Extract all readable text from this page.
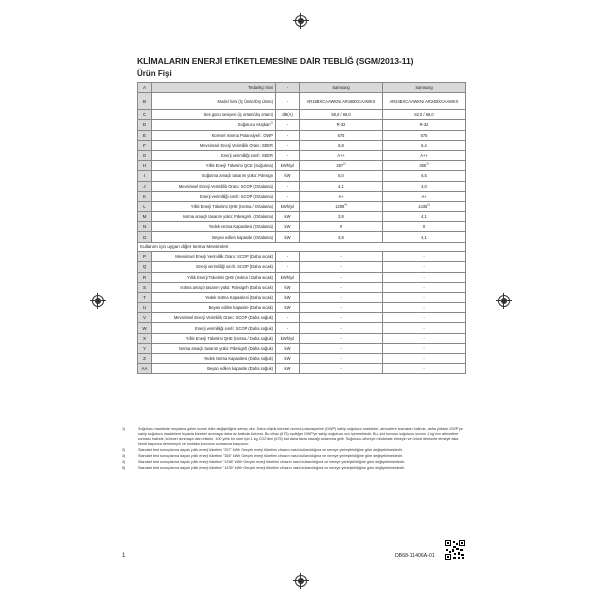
KLİMALARIN ENERJİ ETİKETLEMESİNE DAİR TEBLİĞ (SGM/2013-11)
Ürün Fişi
A	Tedarikçi İsmi	-	Samsung	Samsung
B	Model İsmi (İç Ünite/Dış Ünite)	-	AR18BXCAAWKN/ AR18BXCAAWKX	AR24BXCAAWKN/ AR24BXCAAWKX
C	Ses gücü seviyesi (iç ortam/dış ortam)	dB(A)	58,0 / 65,0	62,0 / 68,0
D	Soğutucu Akışkan$^{1)}$	-	R-32	R-32
E	Küresel Isınma Potansiyeli : GWP	-	675	675
F	Mevsimsel Enerji Verimlilik Oranı: SEER	-	6,8	6,4
G	Enerji verimliliği sınıfı: SEER	-	A++	A++
H	Yıllık Enerji Tüketimi QCE (Soğutma)	kWh/yıl	257$^{2)}$	355$^{3)}$
I	Soğutma amaçlı tasarım yükü: Pdesign	kW	5,0	6,5
J	Mevsimsel Enerji Verimlilik Oranı: SCOP (Ortalama)	-	4,1	4,0
K	Enerji verimliliği sınıfı: SCOP (Ortalama)	-	A+	A+
L	Yıllık Enerji Tüketimi QHE (Isıtma / Ortalama)	kWh/yıl	1298$^{4)}$	1435$^{5)}$
M	Isıtma amaçlı tasarım yükü: Pdesignh. (Ortalama)	kW	3,8	4,1
N	Yedek Isıtma Kapasitesi (Ortalama)	kW	0	0
O	Beyan edilen kapasite (Ortalama)	kW	3,8	4,1
Kullanım için uygun diğer Isıtma Mevsimleri				
P	Mevsimsel Enerji Verimlilik Oranı: SCOP (Daha sıcak)	-	-	-
Q	Enerji verimliliği sınıfı: SCOP (Daha sıcak)	-	-	-
R	Yıllık Enerji Tüketimi QHE (Isıtma / Daha sıcak)	kWh/yıl	-	-
S	Isıtma amaçlı tasarım yükü: Pdesignh (Daha sıcak)	kW	-	-
T	Yedek Isıtma Kapasitesi (Daha sıcak)	kW	-	-
U	Beyan edilen kapasite (Daha sıcak)	kW	-	-
V	Mevsimsel Enerji Verimlilik Oranı: SCOP (Daha soğuk)	-	-	-
W	Enerji verimliliği sınıfı: SCOP (Daha soğuk)	-	-	-
X	Yıllık Enerji Tüketimi QHE (Isıtma / Daha soğuk)	kWh/yıl	-	-
Y	Isıtma amaçlı tasarım yükü: Pdesignh (Daha soğuk)	kW	-	-
Z	Yedek Isıtma Kapasitesi (Daha soğuk)	kW	-	-
AA	Beyan edilen kapasite (Daha soğuk)	kW	-	-
1)	Soğutucu maddede meydana gelen sızıntı iklim değişikliğine sebep olur. Daha düşük küresel ısınma potansiyeline (GWP) sahip soğutucu maddeler, atmosfere sızmaları halinde, daha yüksek GWP'ye sahip soğutucu maddelere kıyasla küresel ısınmaya daha az katkıda bulunur. Bu cihaz (675) eşdeğer GWP'ye sahip soğutucu sıvı içermektedir. Bu, söz konusu soğutucu sıvının 1 kg'ının atmosfere sızması halinde, küresel ısınmaya olan etkinin, 100 yıllık bir süre için 1 kg CO2'den (675) kat daha fazla olacağı anlamına gelir. Soğutucu devreye müdahale etmeyin ve ürünü demonte etmeye asla kendi başınıza denemeyin ve mutlaka konunun uzmanına başvurun.
2)	Standart test sonuçlarına dayalı yıllık enerji tüketimi "257" kWh Gerçek enerji tüketimi cihazın nasıl kullanıldığına ve nereye yerleştirildiğine göre değişebilmektedir.
3)	Standart test sonuçlarına dayalı yıllık enerji tüketimi "355" kWh Gerçek enerji tüketimi cihazın nasıl kullanıldığına ve nereye yerleştirildiğine göre değişebilmektedir.
4)	Standart test sonuçlarına dayalı yıllık enerji tüketimi "1298" kWh Gerçek enerji tüketimi cihazın nasıl kullanıldığına ve nereye yerleştirildiğine göre değişebilmektedir.
5)	Standart test sonuçlarına dayalı yıllık enerji tüketimi "1435" kWh Gerçek enerji tüketimi cihazın nasıl kullanıldığına ve nereye yerleştirildiğine göre değişebilmektedir.
1	DB68-11406A-01
